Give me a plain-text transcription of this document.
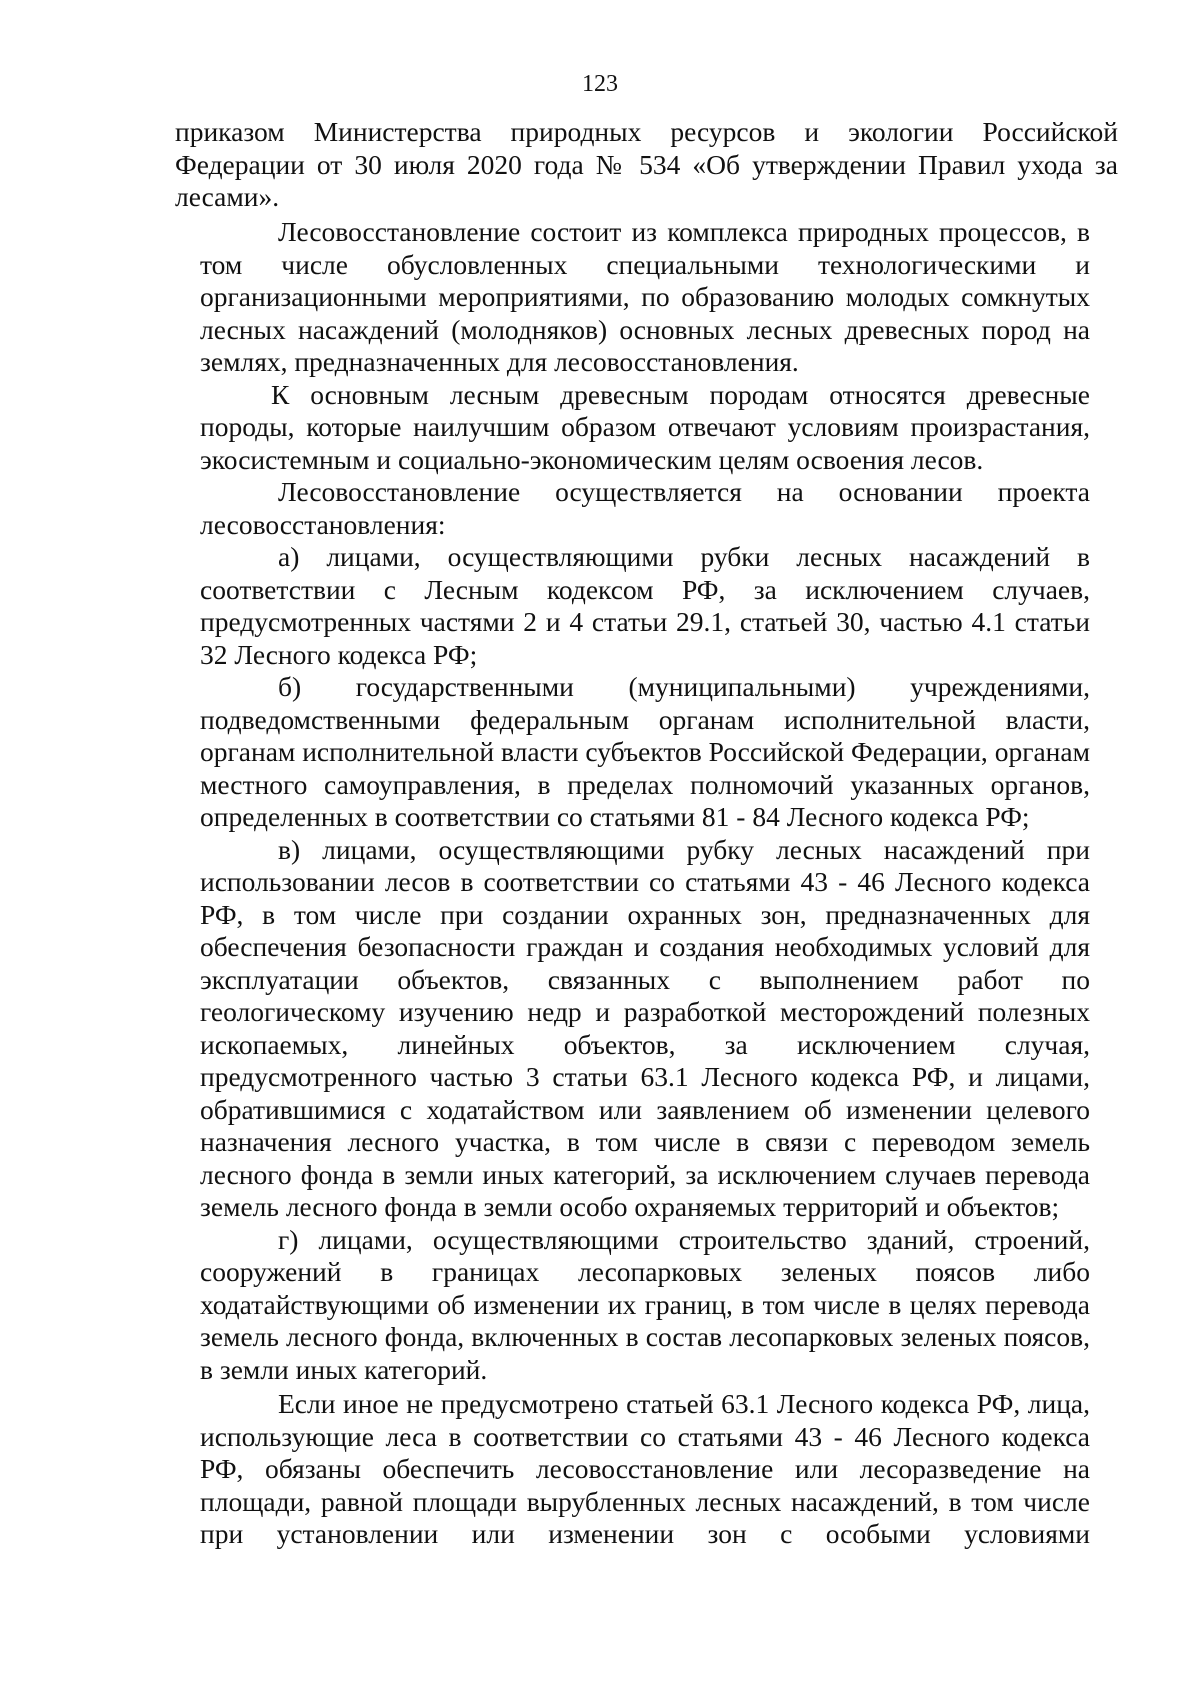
123

приказом Министерства природных ресурсов и экологии Российской Федерации от 30 июля 2020 года № 534 «Об утверждении Правил ухода за лесами».

Лесовосстановление состоит из комплекса природных процессов, в том числе обусловленных специальными технологическими и организационными мероприятиями, по образованию молодых сомкнутых лесных насаждений (молодняков) основных лесных древесных пород на землях, предназначенных для лесовосстановления.

К основным лесным древесным породам относятся древесные породы, которые наилучшим образом отвечают условиям произрастания, экосистемным и социально-экономическим целям освоения лесов.

Лесовосстановление осуществляется на основании проекта лесовосстановления:

а) лицами, осуществляющими рубки лесных насаждений в соответствии с Лесным кодексом РФ, за исключением случаев, предусмотренных частями 2 и 4 статьи 29.1, статьей 30, частью 4.1 статьи 32 Лесного кодекса РФ;

б) государственными (муниципальными) учреждениями, подведомственными федеральным органам исполнительной власти, органам исполнительной власти субъектов Российской Федерации, органам местного самоуправления, в пределах полномочий указанных органов, определенных в соответствии со статьями 81 - 84 Лесного кодекса РФ;

в) лицами, осуществляющими рубку лесных насаждений при использовании лесов в соответствии со статьями 43 - 46 Лесного кодекса РФ, в том числе при создании охранных зон, предназначенных для обеспечения безопасности граждан и создания необходимых условий для эксплуатации объектов, связанных с выполнением работ по геологическому изучению недр и разработкой месторождений полезных ископаемых, линейных объектов, за исключением случая, предусмотренного частью 3 статьи 63.1 Лесного кодекса РФ, и лицами, обратившимися с ходатайством или заявлением об изменении целевого назначения лесного участка, в том числе в связи с переводом земель лесного фонда в земли иных категорий, за исключением случаев перевода земель лесного фонда в земли особо охраняемых территорий и объектов;

г) лицами, осуществляющими строительство зданий, строений, сооружений в границах лесопарковых зеленых поясов либо ходатайствующими об изменении их границ, в том числе в целях перевода земель лесного фонда, включенных в состав лесопарковых зеленых поясов, в земли иных категорий.

Если иное не предусмотрено статьей 63.1 Лесного кодекса РФ, лица, использующие леса в соответствии со статьями 43 - 46 Лесного кодекса РФ, обязаны обеспечить лесовосстановление или лесоразведение на площади, равной площади вырубленных лесных насаждений, в том числе при установлении или изменении зон с особыми условиями
